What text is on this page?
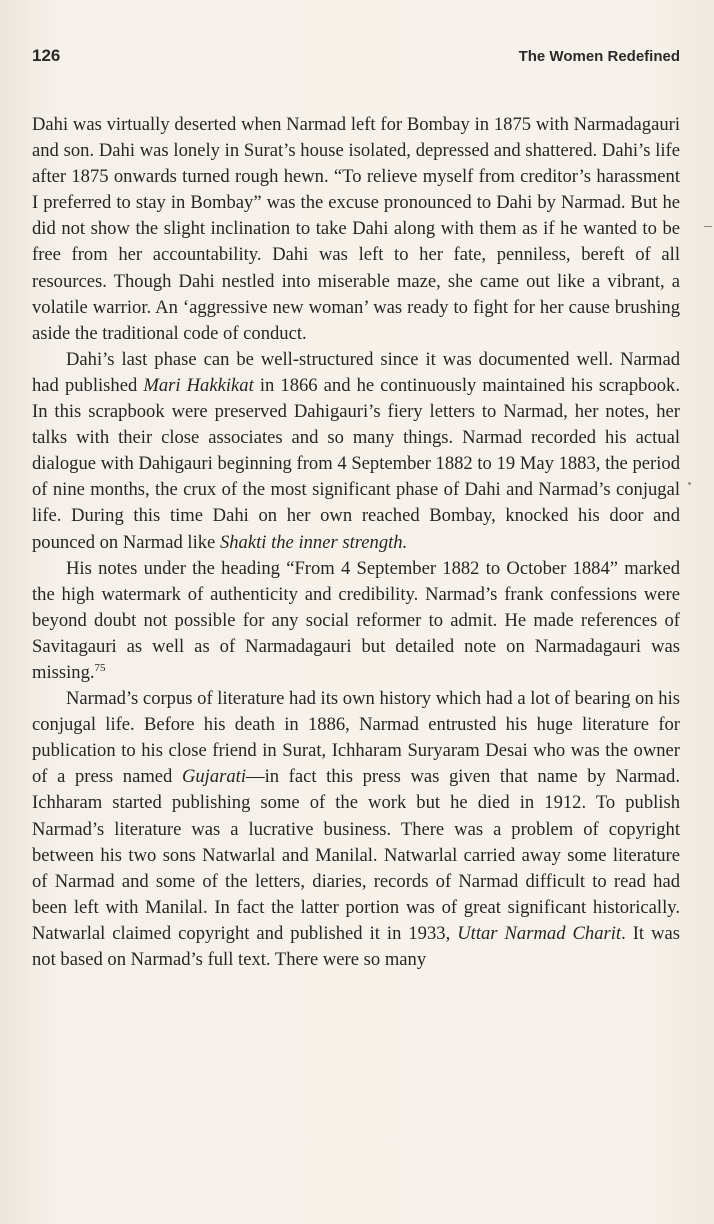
126	The Women Redefined

Dahi was virtually deserted when Narmad left for Bombay in 1875 with Narmadagauri and son. Dahi was lonely in Surat’s house isolated, depressed and shattered. Dahi’s life after 1875 onwards turned rough hewn. “To relieve myself from creditor’s harassment I preferred to stay in Bombay” was the excuse pronounced to Dahi by Narmad. But he did not show the slight inclination to take Dahi along with them as if he wanted to be free from her accountability. Dahi was left to her fate, penniless, bereft of all resources. Though Dahi nestled into miserable maze, she came out like a vibrant, a volatile warrior. An ‘aggressive new woman’ was ready to fight for her cause brushing aside the traditional code of conduct.

Dahi’s last phase can be well-structured since it was documented well. Narmad had published Mari Hakkikat in 1866 and he continuously maintained his scrapbook. In this scrapbook were preserved Dahigauri’s fiery letters to Narmad, her notes, her talks with their close associates and so many things. Narmad recorded his actual dialogue with Dahigauri beginning from 4 September 1882 to 19 May 1883, the period of nine months, the crux of the most significant phase of Dahi and Narmad’s conjugal life. During this time Dahi on her own reached Bombay, knocked his door and pounced on Narmad like Shakti the inner strength.

His notes under the heading “From 4 September 1882 to October 1884” marked the high watermark of authenticity and credibility. Narmad’s frank confessions were beyond doubt not possible for any social reformer to admit. He made references of Savitagauri as well as of Narmadagauri but detailed note on Narmadagauri was missing.$^{75}$

Narmad’s corpus of literature had its own history which had a lot of bearing on his conjugal life. Before his death in 1886, Narmad entrusted his huge literature for publication to his close friend in Surat, Ichharam Suryaram Desai who was the owner of a press named Gujarati—in fact this press was given that name by Narmad. Ichharam started publishing some of the work but he died in 1912. To publish Narmad’s literature was a lucrative business. There was a problem of copyright between his two sons Natwarlal and Manilal. Natwarlal carried away some literature of Narmad and some of the letters, diaries, records of Narmad difficult to read had been left with Manilal. In fact the latter portion was of great significant historically. Natwarlal claimed copyright and published it in 1933, Uttar Narmad Charit. It was not based on Narmad’s full text. There were so many
